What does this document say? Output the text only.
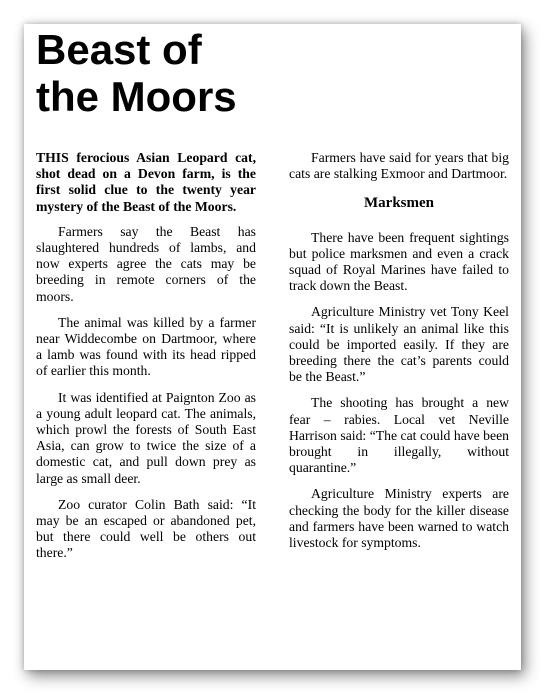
Beast of
the Moors

THIS ferocious Asian Leopard cat, shot dead on a Devon farm, is the first solid clue to the twenty year mystery of the Beast of the Moors.

Farmers say the Beast has slaughtered hundreds of lambs, and now experts agree the cats may be breeding in remote corners of the moors.

The animal was killed by a farmer near Widdecombe on Dartmoor, where a lamb was found with its head ripped of earlier this month.

It was identified at Paignton Zoo as a young adult leopard cat. The animals, which prowl the forests of South East Asia, can grow to twice the size of a domestic cat, and pull down prey as large as small deer.

Zoo curator Colin Bath said: “It may be an escaped or abandoned pet, but there could well be others out there.”

Farmers have said for years that big cats are stalking Exmoor and Dartmoor.

Marksmen

There have been frequent sightings but police marksmen and even a crack squad of Royal Marines have failed to track down the Beast.

Agriculture Ministry vet Tony Keel said: “It is unlikely an animal like this could be imported easily. If they are breeding there the cat’s parents could be the Beast.”

The shooting has brought a new fear – rabies. Local vet Neville Harrison said: “The cat could have been brought in illegally, without quarantine.”

Agriculture Ministry experts are checking the body for the killer disease and farmers have been warned to watch livestock for symptoms.
